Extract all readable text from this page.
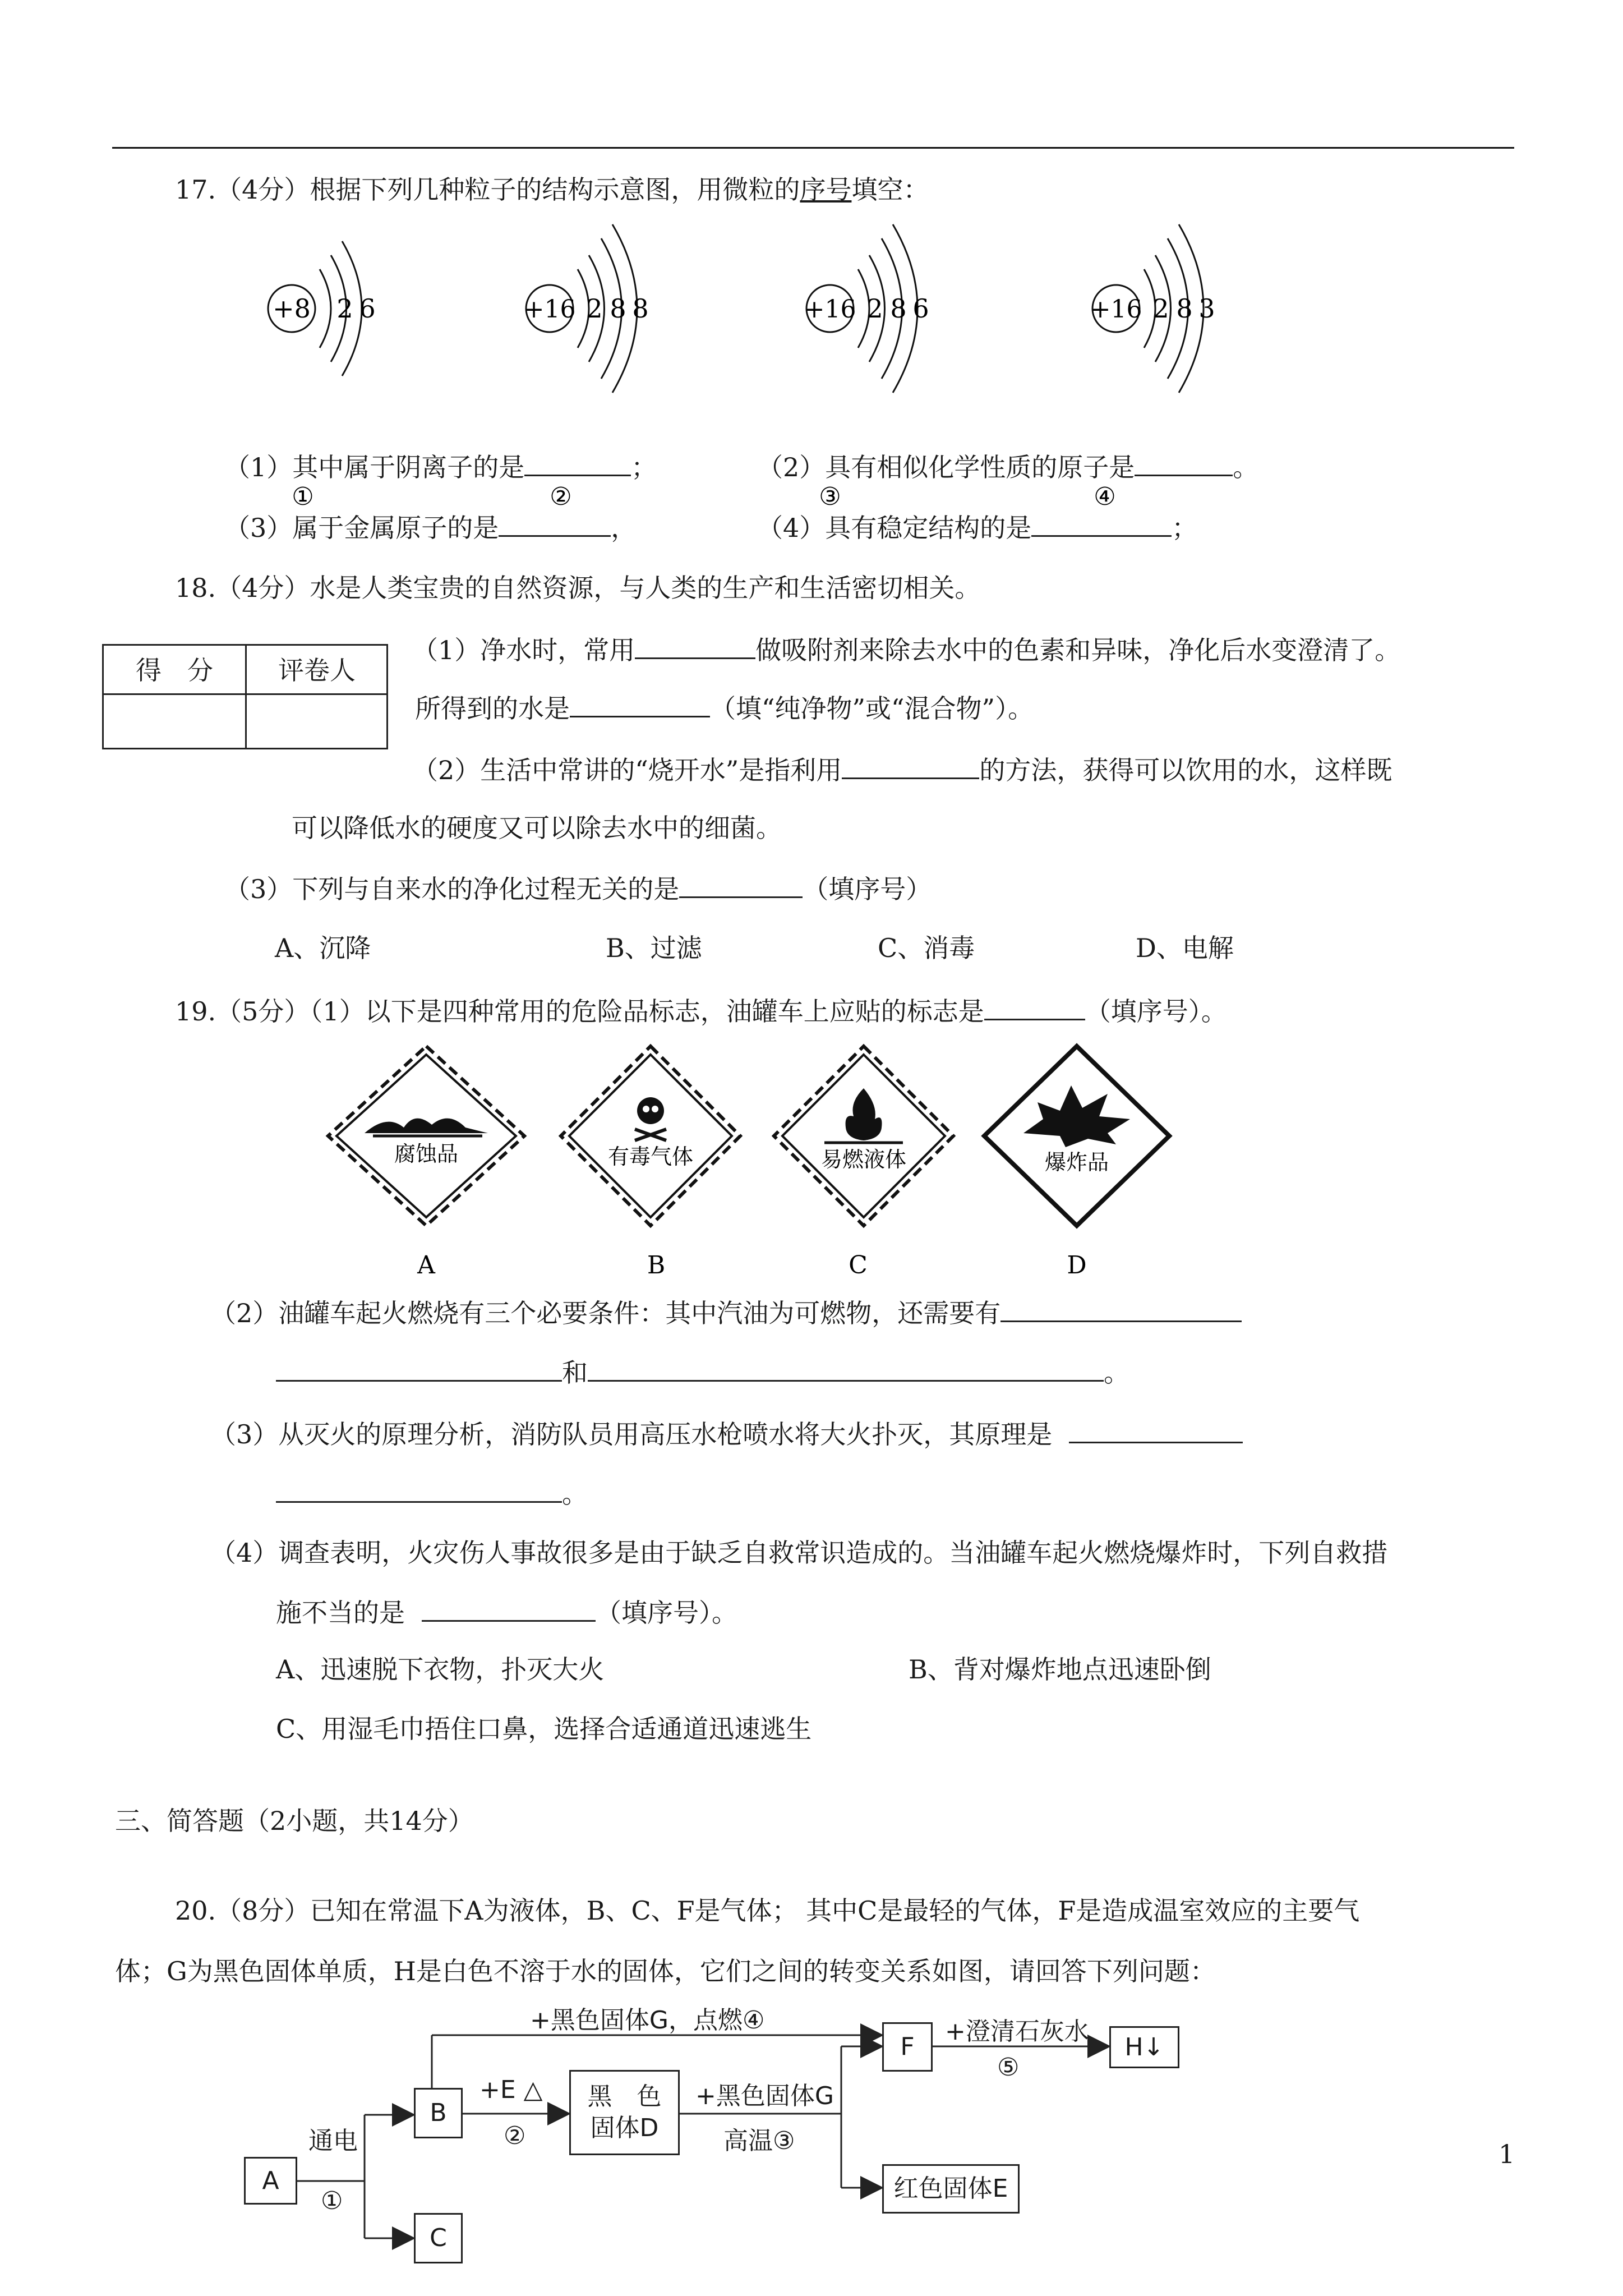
17.（4分）根据下列几种粒子的结构示意图，用微粒的序号填空：
+8 2 6
①
+16 2 8 8
②
+16 2 8 6
③
+16 2 8 3
④
（1）其中属于阴离子的是	；	（2）具有相似化学性质的原子是	。
（3）属于金属原子的是	，	（4）具有稳定结构的是	；
18.（4分）水是人类宝贵的自然资源，与人类的生产和生活密切相关。
得　分	评卷人
（1）净水时，常用	做吸附剂来除去水中的色素和异味，净化后水变澄清了。
所得到的水是	（填“纯净物”或“混合物”）。
（2）生活中常讲的“烧开水”是指利用	的方法，获得可以饮用的水，这样既
可以降低水的硬度又可以除去水中的细菌。
（3）下列与自来水的净化过程无关的是	（填序号）
A、沉降	B、过滤	C、消毒	D、电解
19.（5分）（1）以下是四种常用的危险品标志，油罐车上应贴的标志是	（填序号）。
腐蚀品	有毒气体	易燃液体	爆炸品
A	B	C	D
（2）油罐车起火燃烧有三个必要条件：其中汽油为可燃物，还需要有
和	。
（3）从灭火的原理分析，消防队员用高压水枪喷水将大火扑灭，其原理是
。
（4）调查表明，火灾伤人事故很多是由于缺乏自救常识造成的。当油罐车起火燃烧爆炸时，下列自救措
施不当的是	（填序号）。
A、迅速脱下衣物，扑灭大火	B、背对爆炸地点迅速卧倒
C、用湿毛巾捂住口鼻，选择合适通道迅速逃生
三、简答题（2小题，共14分）
20.（8分）已知在常温下A为液体，B、C、F是气体； 其中C是最轻的气体，F是造成温室效应的主要气
体；G为黑色固体单质，H是白色不溶于水的固体，它们之间的转变关系如图，请回答下列问题：
A
B
C
黑　色
固体D
F	H↓
红色固体E
通电
①
+黑色固体G，点燃④
+E △
②
+黑色固体G
高温③
+澄清石灰水
⑤
1
